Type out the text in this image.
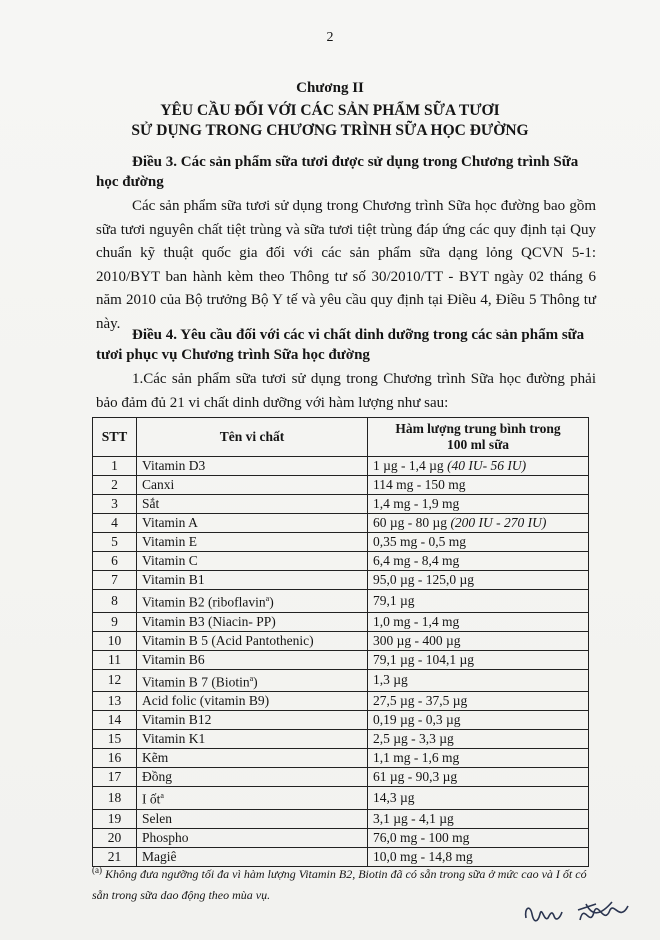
2
Chương II
YÊU CẦU ĐỐI VỚI CÁC SẢN PHẨM SỮA TƯƠI
SỬ DỤNG TRONG CHƯƠNG TRÌNH SỮA HỌC ĐƯỜNG
Điều 3. Các sản phẩm sữa tươi được sử dụng trong Chương trình Sữa học đường
Các sản phẩm sữa tươi sử dụng trong Chương trình Sữa học đường bao gồm sữa tươi nguyên chất tiệt trùng và sữa tươi tiệt trùng đáp ứng các quy định tại Quy chuẩn kỹ thuật quốc gia đối với các sản phẩm sữa dạng lỏng QCVN 5-1: 2010/BYT ban hành kèm theo Thông tư số 30/2010/TT - BYT ngày 02 tháng 6 năm 2010 của Bộ trưởng Bộ Y tế và yêu cầu quy định tại Điều 4, Điều 5 Thông tư này.
Điều 4. Yêu cầu đối với các vi chất dinh dưỡng trong các sản phẩm sữa tươi phục vụ Chương trình Sữa học đường
1.Các sản phẩm sữa tươi sử dụng trong Chương trình Sữa học đường phải bảo đảm đủ 21 vi chất dinh dưỡng với hàm lượng như sau:
STT	Tên vi chất	Hàm lượng trung bình trong 100 ml sữa
1	Vitamin D3	1 µg - 1,4 µg (40 IU- 56 IU)
2	Canxi	114 mg - 150 mg
3	Sắt	1,4 mg - 1,9 mg
4	Vitamin A	60 µg - 80 µg (200 IU - 270 IU)
5	Vitamin E	0,35 mg - 0,5 mg
6	Vitamin C	6,4 mg - 8,4 mg
7	Vitamin B1	95,0 µg - 125,0 µg
8	Vitamin B2 (riboflavin$^a$)	79,1 µg
9	Vitamin B3 (Niacin- PP)	1,0 mg - 1,4 mg
10	Vitamin B 5 (Acid Pantothenic)	300 µg - 400 µg
11	Vitamin B6	79,1 µg - 104,1 µg
12	Vitamin B 7 (Biotin$^a$)	1,3 µg
13	Acid folic (vitamin B9)	27,5 µg - 37,5 µg
14	Vitamin B12	0,19 µg - 0,3 µg
15	Vitamin K1	2,5 µg - 3,3 µg
16	Kẽm	1,1 mg - 1,6 mg
17	Đồng	61 µg - 90,3 µg
18	I ốt$^a$	14,3 µg
19	Selen	3,1 µg - 4,1 µg
20	Phospho	76,0 mg - 100 mg
21	Magiê	10,0 mg - 14,8 mg
$^{(a)}$ Không đưa ngưỡng tối đa vì hàm lượng Vitamin B2, Biotin đã có sẵn trong sữa ở mức cao và I ốt có sẵn trong sữa dao động theo mùa vụ.
